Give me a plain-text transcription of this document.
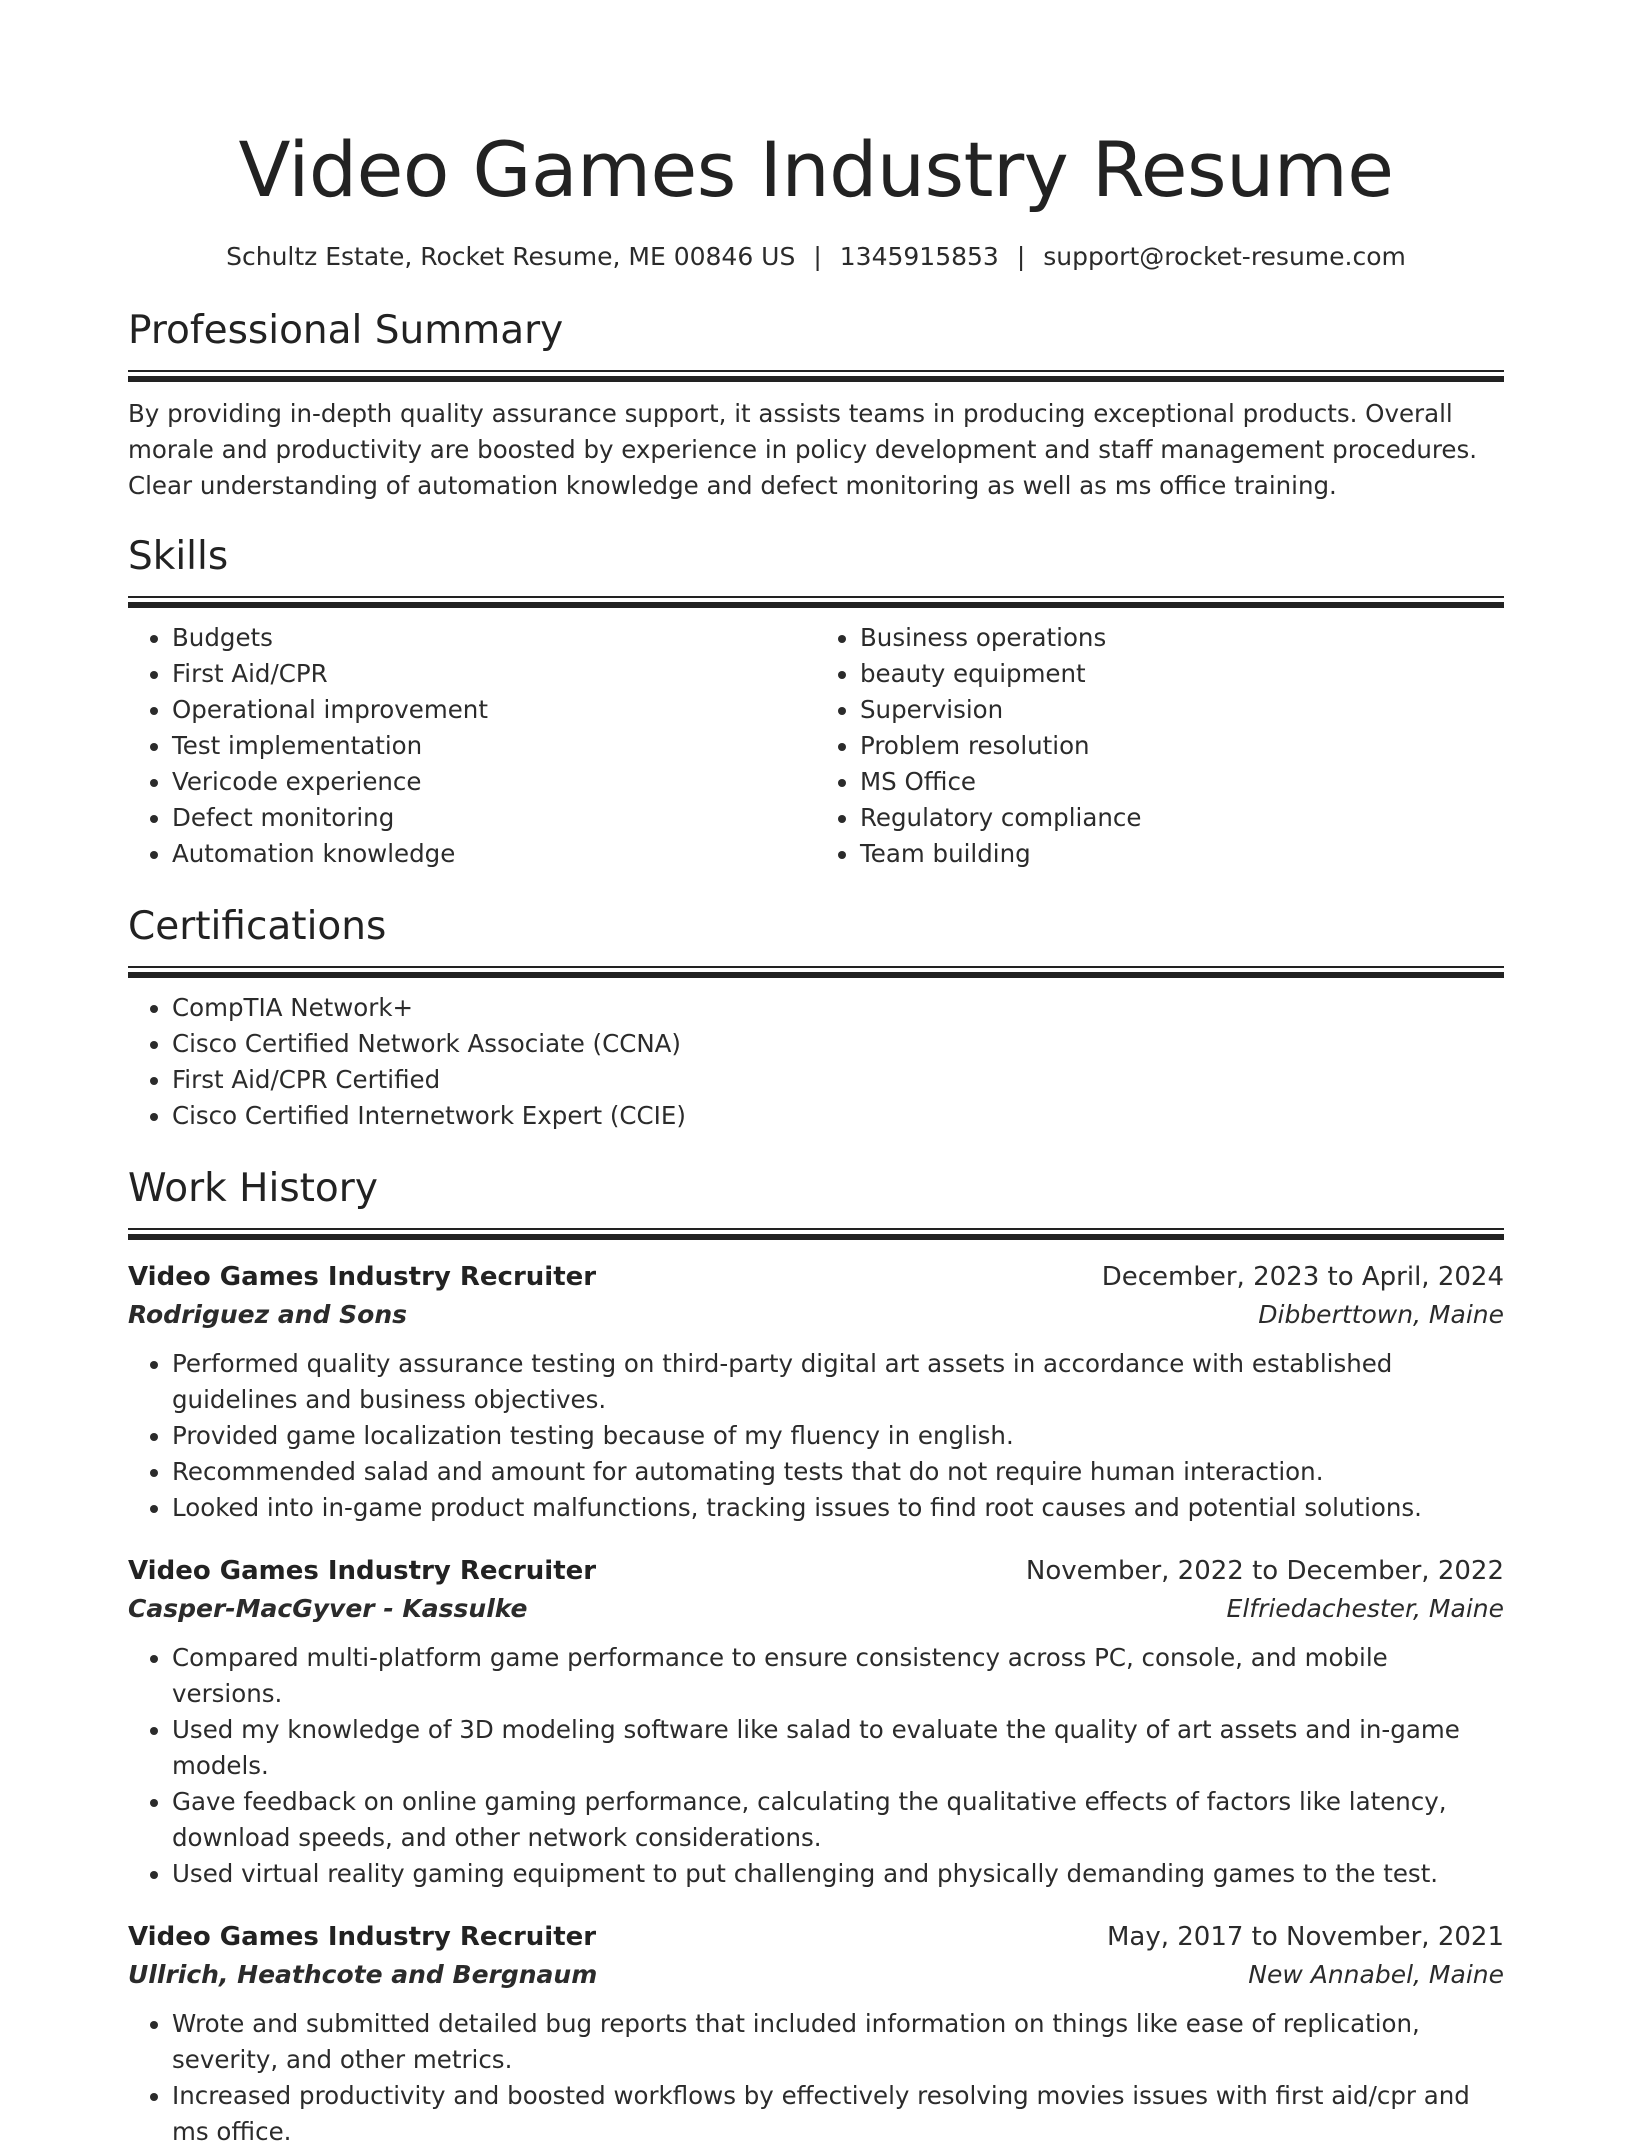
Video Games Industry Resume
Schultz Estate, Rocket Resume, ME 00846 US | 1345915853 | support@rocket-resume.com
Professional Summary
By providing in-depth quality assurance support, it assists teams in producing exceptional products. Overall morale and productivity are boosted by experience in policy development and staff management procedures. Clear understanding of automation knowledge and defect monitoring as well as ms office training.
Skills
• Budgets
• First Aid/CPR
• Operational improvement
• Test implementation
• Vericode experience
• Defect monitoring
• Automation knowledge
• Business operations
• beauty equipment
• Supervision
• Problem resolution
• MS Office
• Regulatory compliance
• Team building
Certifications
• CompTIA Network+
• Cisco Certified Network Associate (CCNA)
• First Aid/CPR Certified
• Cisco Certified Internetwork Expert (CCIE)
Work History
Video Games Industry Recruiter	December, 2023 to April, 2024
Rodriguez and Sons	Dibberttown, Maine
• Performed quality assurance testing on third-party digital art assets in accordance with established guidelines and business objectives.
• Provided game localization testing because of my fluency in english.
• Recommended salad and amount for automating tests that do not require human interaction.
• Looked into in-game product malfunctions, tracking issues to find root causes and potential solutions.
Video Games Industry Recruiter	November, 2022 to December, 2022
Casper-MacGyver - Kassulke	Elfriedachester, Maine
• Compared multi-platform game performance to ensure consistency across PC, console, and mobile versions.
• Used my knowledge of 3D modeling software like salad to evaluate the quality of art assets and in-game models.
• Gave feedback on online gaming performance, calculating the qualitative effects of factors like latency, download speeds, and other network considerations.
• Used virtual reality gaming equipment to put challenging and physically demanding games to the test.
Video Games Industry Recruiter	May, 2017 to November, 2021
Ullrich, Heathcote and Bergnaum	New Annabel, Maine
• Wrote and submitted detailed bug reports that included information on things like ease of replication, severity, and other metrics.
• Increased productivity and boosted workflows by effectively resolving movies issues with first aid/cpr and ms office.
